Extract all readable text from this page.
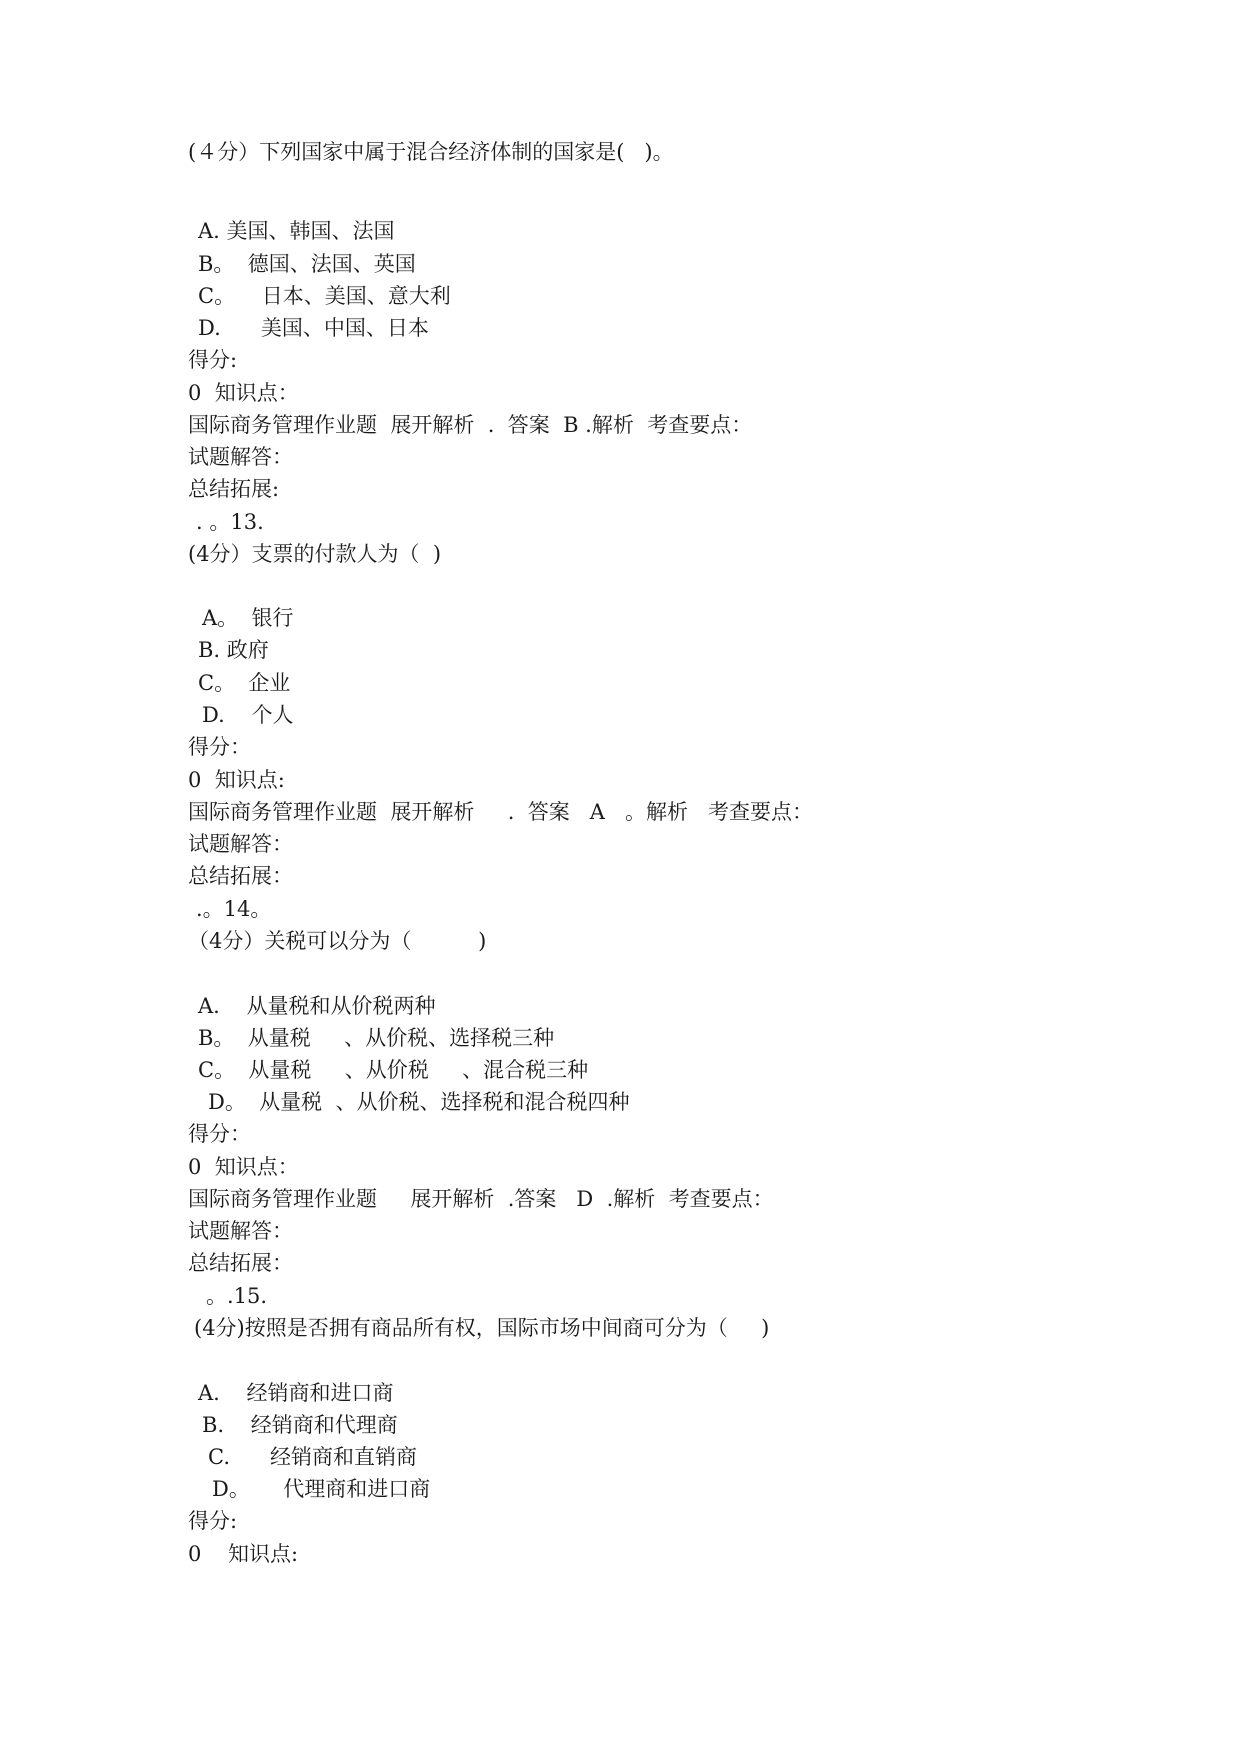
(４分）下列国家中属于混合经济体制的国家是(   )。
A. 美国、韩国、法国
B。  德国、法国、英国
C。    日本、美国、意大利
D.      美国、中国、日本
得分:
0  知识点：
国际商务管理作业题  展开解析  .  答案  B .解析  考查要点：
试题解答：
总结拓展:
. 。13.
(4分）支票的付款人为（  )
A。  银行
B. 政府
C。  企业
D.    个人
得分：
0  知识点:
国际商务管理作业题  展开解析     .  答案   A   。解析   考查要点：
试题解答：
总结拓展：
.。14。
（4分）关税可以分为（          )
A.    从量税和从价税两种
B。  从量税     、从价税、选择税三种
C。  从量税     、从价税     、混合税三种
D。  从量税  、从价税、选择税和混合税四种
得分：
0  知识点：
国际商务管理作业题     展开解析  .答案   D  .解析  考查要点：
试题解答：
总结拓展：
。.15.
(4分)按照是否拥有商品所有权，国际市场中间商可分为（     )
A.    经销商和进口商
B.    经销商和代理商
C.      经销商和直销商
D。     代理商和进口商
得分:
0    知识点:
